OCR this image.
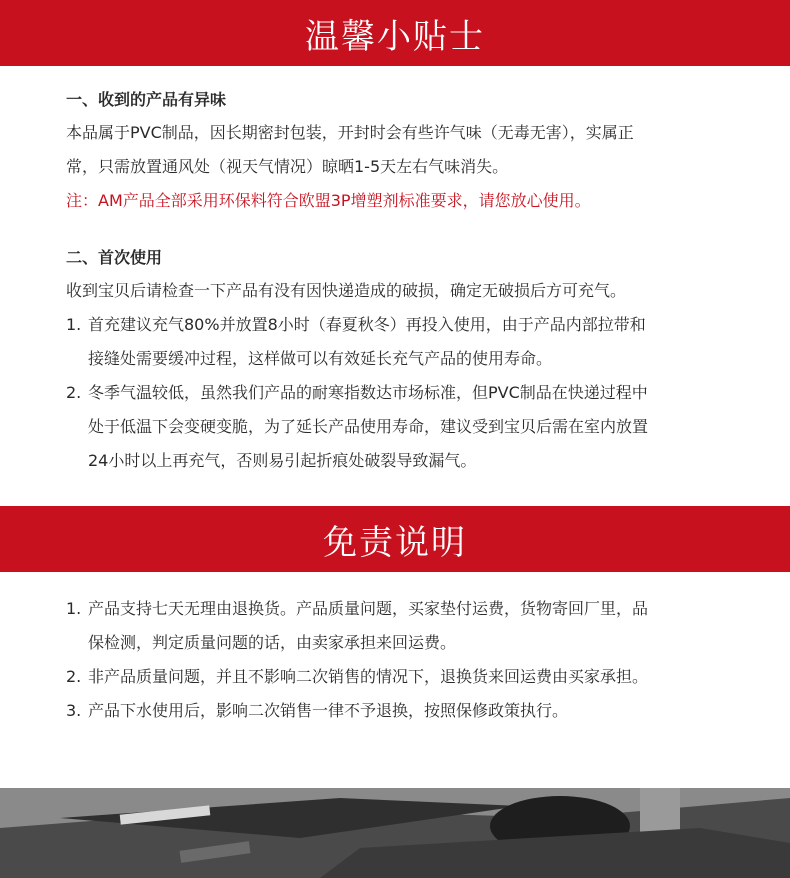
温馨小贴士

一、收到的产品有异味

本品属于PVC制品，因长期密封包装，开封时会有些许气味（无毒无害），实属正

常，只需放置通风处（视天气情况）晾晒1-5天左右气味消失。

注：AM产品全部采用环保料符合欧盟3P增塑剂标准要求，请您放心使用。

二、首次使用

收到宝贝后请检查一下产品有没有因快递造成的破损，确定无破损后方可充气。

1. 首充建议充气80%并放置8小时（春夏秋冬）再投入使用，由于产品内部拉带和
接缝处需要缓冲过程，这样做可以有效延长充气产品的使用寿命。
2. 冬季气温较低，虽然我们产品的耐寒指数达市场标准，但PVC制品在快递过程中
处于低温下会变硬变脆，为了延长产品使用寿命，建议受到宝贝后需在室内放置
24小时以上再充气，否则易引起折痕处破裂导致漏气。
免责说明
1. 产品支持七天无理由退换货。产品质量问题，买家垫付运费，货物寄回厂里，品
保检测，判定质量问题的话，由卖家承担来回运费。
2. 非产品质量问题，并且不影响二次销售的情况下，退换货来回运费由买家承担。
3. 产品下水使用后，影响二次销售一律不予退换，按照保修政策执行。
